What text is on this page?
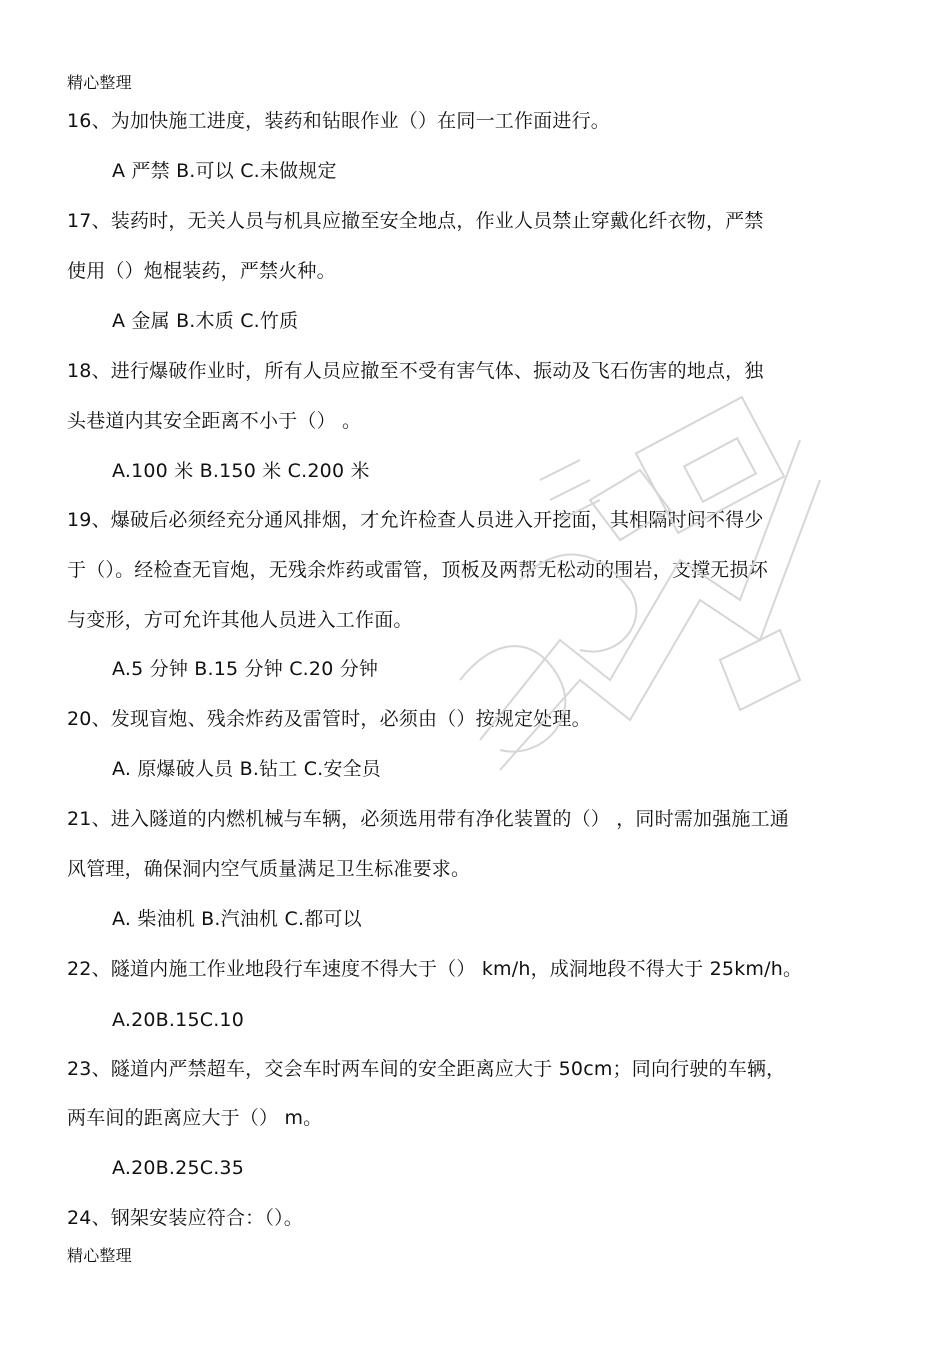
精心整理
16、为加快施工进度，装药和钻眼作业（）在同一工作面进行。
A 严禁 B.可以 C.未做规定
17、装药时，无关人员与机具应撤至安全地点，作业人员禁止穿戴化纤衣物，严禁
使用（）炮棍装药，严禁火种。
A 金属 B.木质 C.竹质
18、进行爆破作业时，所有人员应撤至不受有害气体、振动及飞石伤害的地点，独
头巷道内其安全距离不小于（） 。
A.100 米 B.150 米 C.200 米
19、爆破后必须经充分通风排烟，才允许检查人员进入开挖面，其相隔时间不得少
于（）。经检查无盲炮，无残余炸药或雷管，顶板及两帮无松动的围岩，支撑无损坏
与变形，方可允许其他人员进入工作面。
A.5 分钟 B.15 分钟 C.20 分钟
20、发现盲炮、残余炸药及雷管时，必须由（）按规定处理。
A. 原爆破人员 B.钻工 C.安全员
21、进入隧道的内燃机械与车辆，必须选用带有净化装置的（） ，同时需加强施工通
风管理，确保洞内空气质量满足卫生标准要求。
A. 柴油机 B.汽油机 C.都可以
22、隧道内施工作业地段行车速度不得大于（） km/h，成洞地段不得大于 25km/h。
A.20B.15C.10
23、隧道内严禁超车，交会车时两车间的安全距离应大于 50cm；同向行驶的车辆，
两车间的距离应大于（） m。
A.20B.25C.35
24、钢架安装应符合：（）。
精心整理
